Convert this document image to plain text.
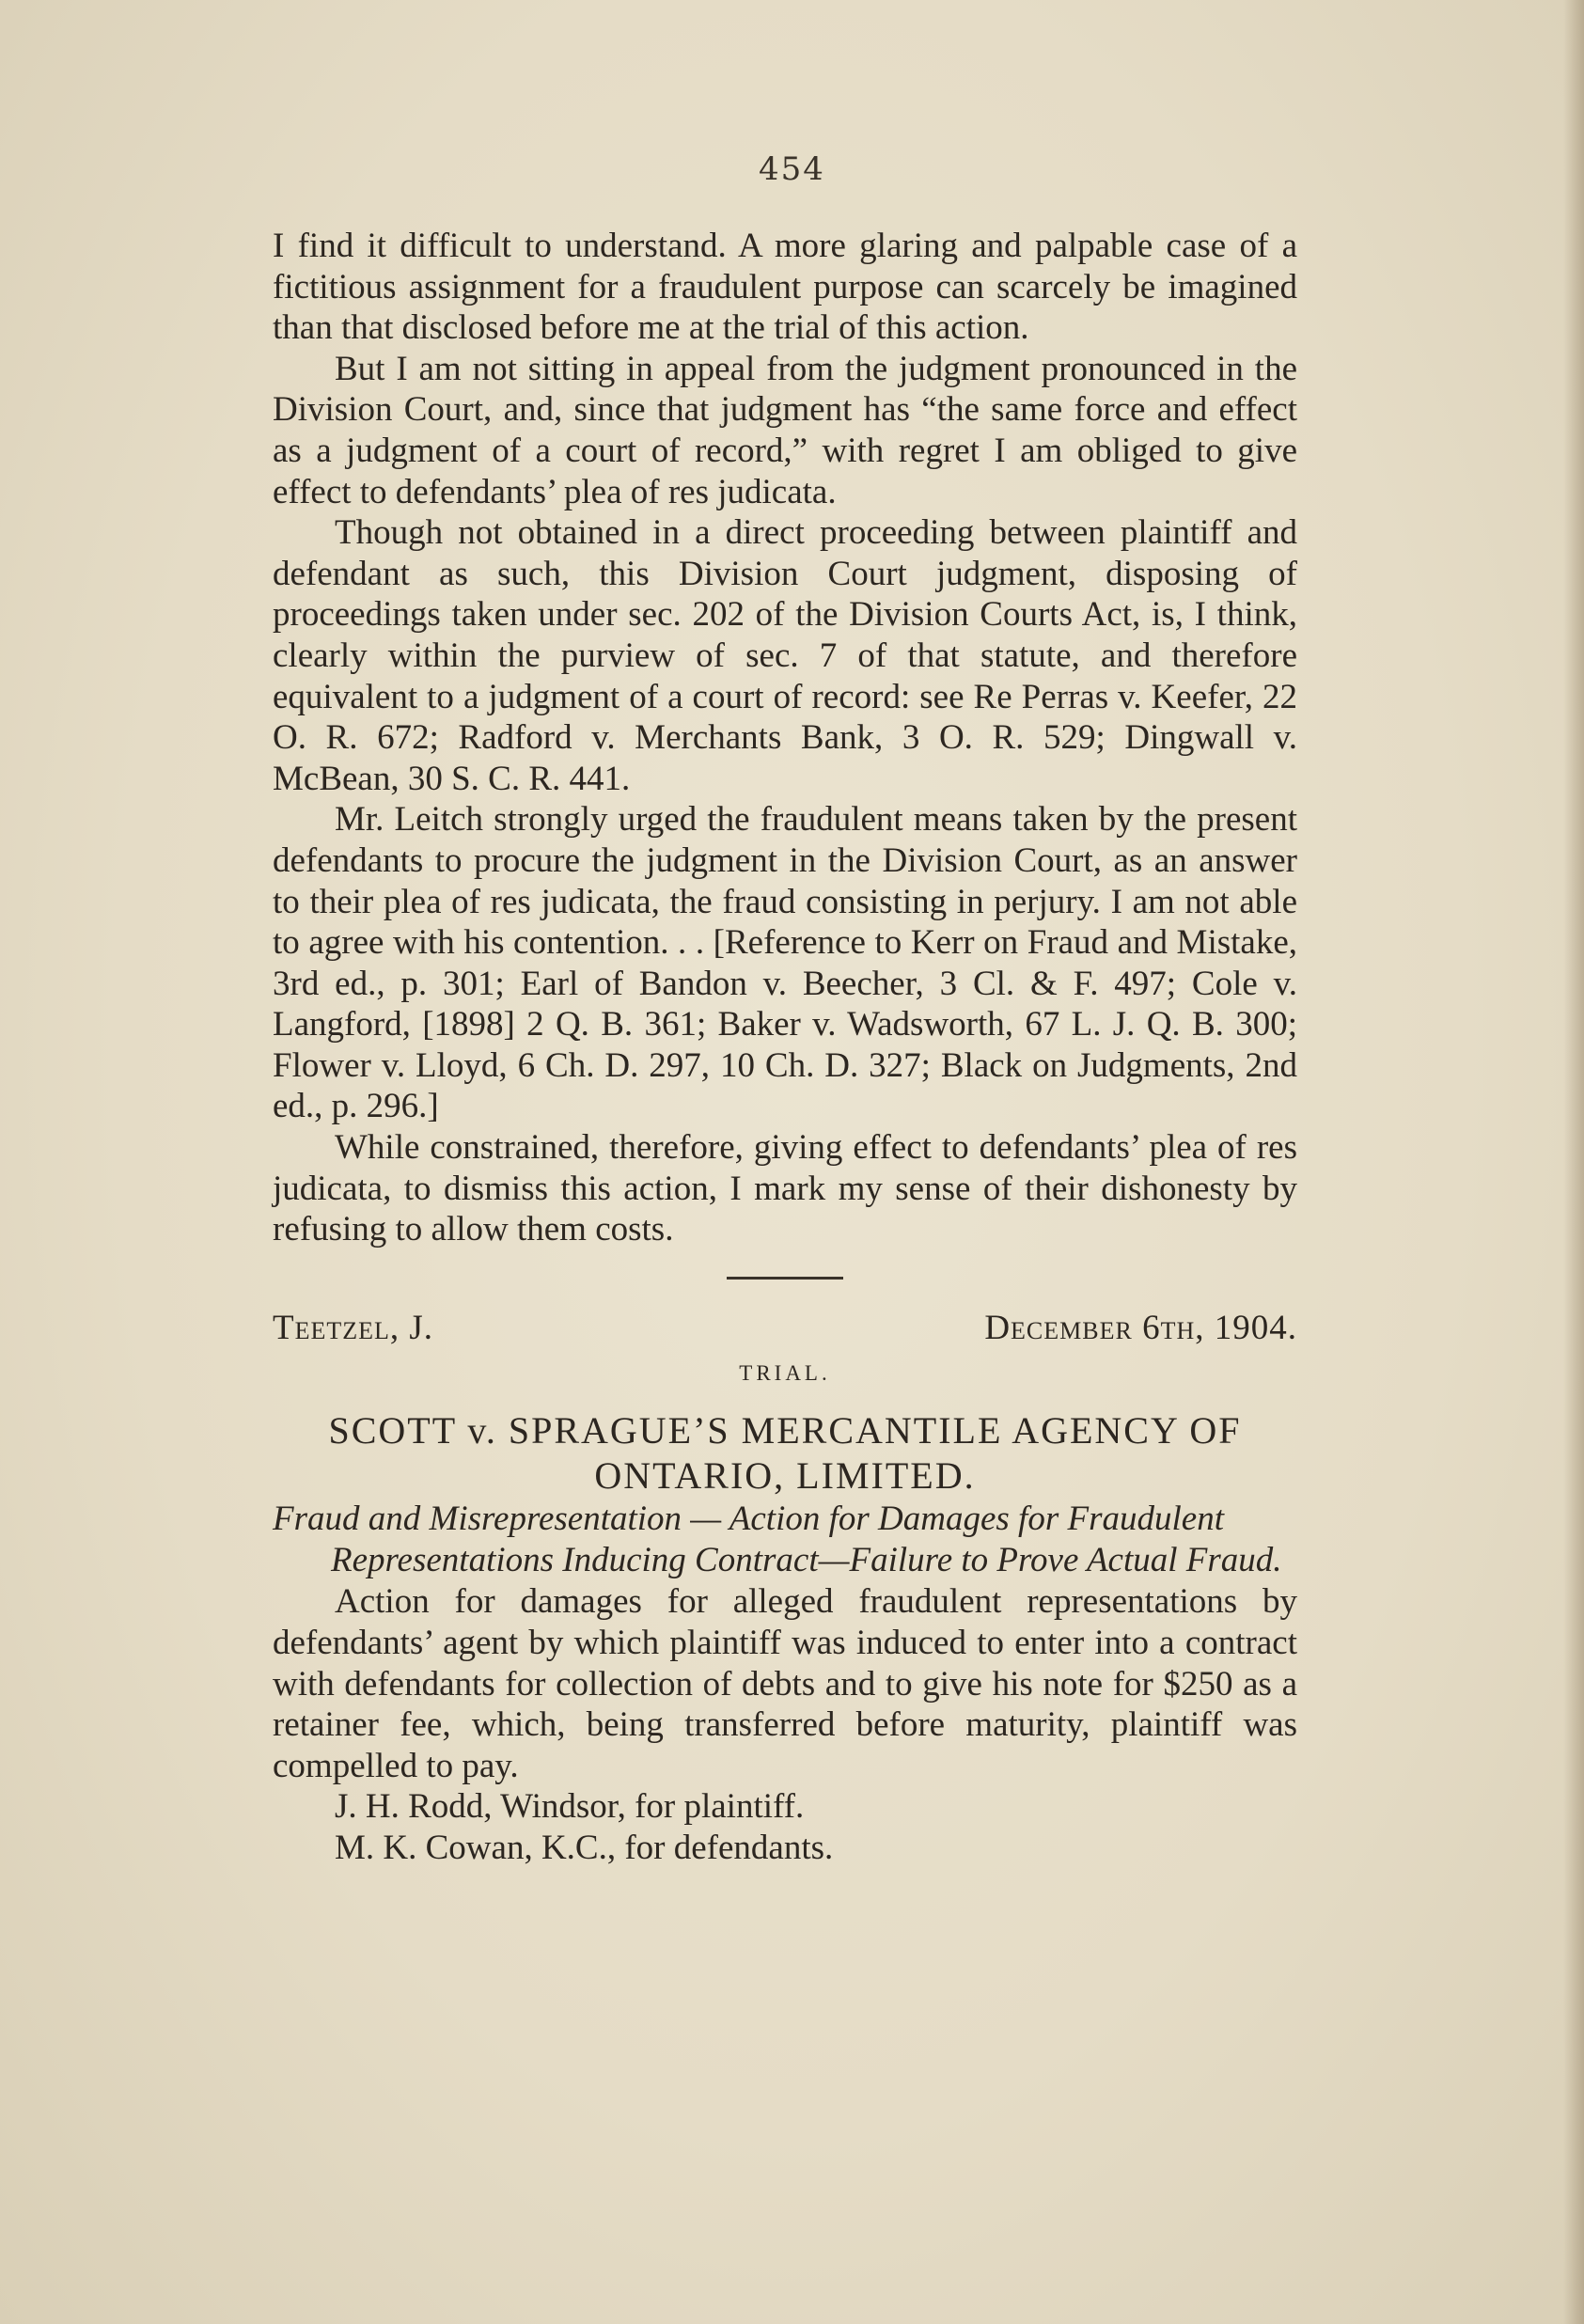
454

I find it difficult to understand. A more glaring and palpable case of a fictitious assignment for a fraudulent purpose can scarcely be imagined than that disclosed before me at the trial of this action.

But I am not sitting in appeal from the judgment pronounced in the Division Court, and, since that judgment has “the same force and effect as a judgment of a court of record,” with regret I am obliged to give effect to defendants’ plea of res judicata.

Though not obtained in a direct proceeding between plaintiff and defendant as such, this Division Court judgment, disposing of proceedings taken under sec. 202 of the Division Courts Act, is, I think, clearly within the purview of sec. 7 of that statute, and therefore equivalent to a judgment of a court of record: see Re Perras v. Keefer, 22 O. R. 672; Radford v. Merchants Bank, 3 O. R. 529; Dingwall v. McBean, 30 S. C. R. 441.

Mr. Leitch strongly urged the fraudulent means taken by the present defendants to procure the judgment in the Division Court, as an answer to their plea of res judicata, the fraud consisting in perjury. I am not able to agree with his contention. . . [Reference to Kerr on Fraud and Mistake, 3rd ed., p. 301; Earl of Bandon v. Beecher, 3 Cl. & F. 497; Cole v. Langford, [1898] 2 Q. B. 361; Baker v. Wadsworth, 67 L. J. Q. B. 300; Flower v. Lloyd, 6 Ch. D. 297, 10 Ch. D. 327; Black on Judgments, 2nd ed., p. 296.]

While constrained, therefore, giving effect to defendants’ plea of res judicata, to dismiss this action, I mark my sense of their dishonesty by refusing to allow them costs.

Teetzel, J.	December 6th, 1904.
TRIAL.
SCOTT v. SPRAGUE’S MERCANTILE AGENCY OF
ONTARIO, LIMITED.

Fraud and Misrepresentation — Action for Damages for Fraudulent Representations Inducing Contract—Failure to Prove Actual Fraud.

Action for damages for alleged fraudulent representations by defendants’ agent by which plaintiff was induced to enter into a contract with defendants for collection of debts and to give his note for $250 as a retainer fee, which, being transferred before maturity, plaintiff was compelled to pay.

J. H. Rodd, Windsor, for plaintiff.

M. K. Cowan, K.C., for defendants.
